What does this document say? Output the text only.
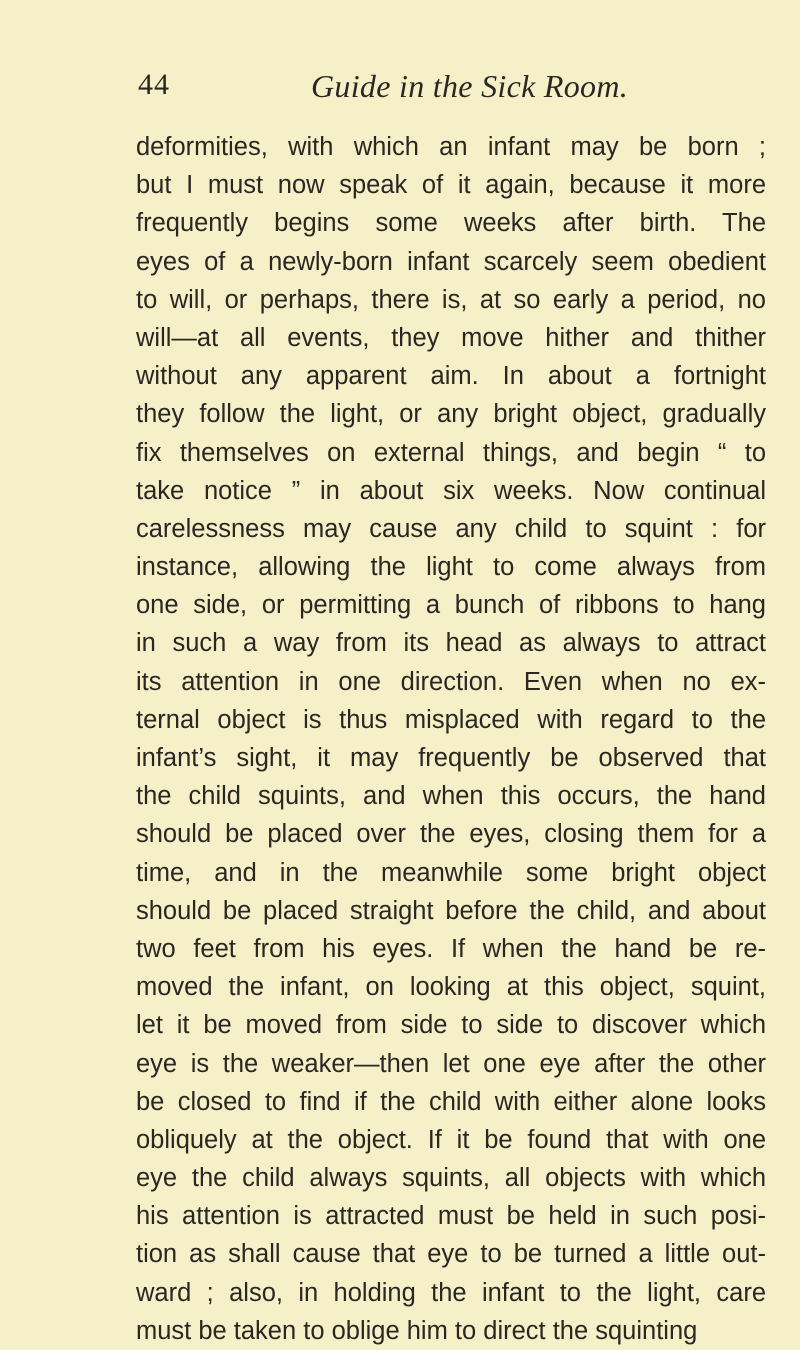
44	Guide in the Sick Room.
deformities, with which an infant may be born ;
but I must now speak of it again, because it more
frequently begins some weeks after birth. The
eyes of a newly-born infant scarcely seem obedient
to will, or perhaps, there is, at so early a period, no
will—at all events, they move hither and thither
without any apparent aim. In about a fortnight
they follow the light, or any bright object, gradually
fix themselves on external things, and begin “ to
take notice ” in about six weeks. Now continual
carelessness may cause any child to squint : for
instance, allowing the light to come always from
one side, or permitting a bunch of ribbons to hang
in such a way from its head as always to attract
its attention in one direction. Even when no ex-
ternal object is thus misplaced with regard to the
infant’s sight, it may frequently be observed that
the child squints, and when this occurs, the hand
should be placed over the eyes, closing them for a
time, and in the meanwhile some bright object
should be placed straight before the child, and about
two feet from his eyes. If when the hand be re-
moved the infant, on looking at this object, squint,
let it be moved from side to side to discover which
eye is the weaker—then let one eye after the other
be closed to find if the child with either alone looks
obliquely at the object. If it be found that with one
eye the child always squints, all objects with which
his attention is attracted must be held in such posi-
tion as shall cause that eye to be turned a little out-
ward ; also, in holding the infant to the light, care
must be taken to oblige him to direct the squinting
